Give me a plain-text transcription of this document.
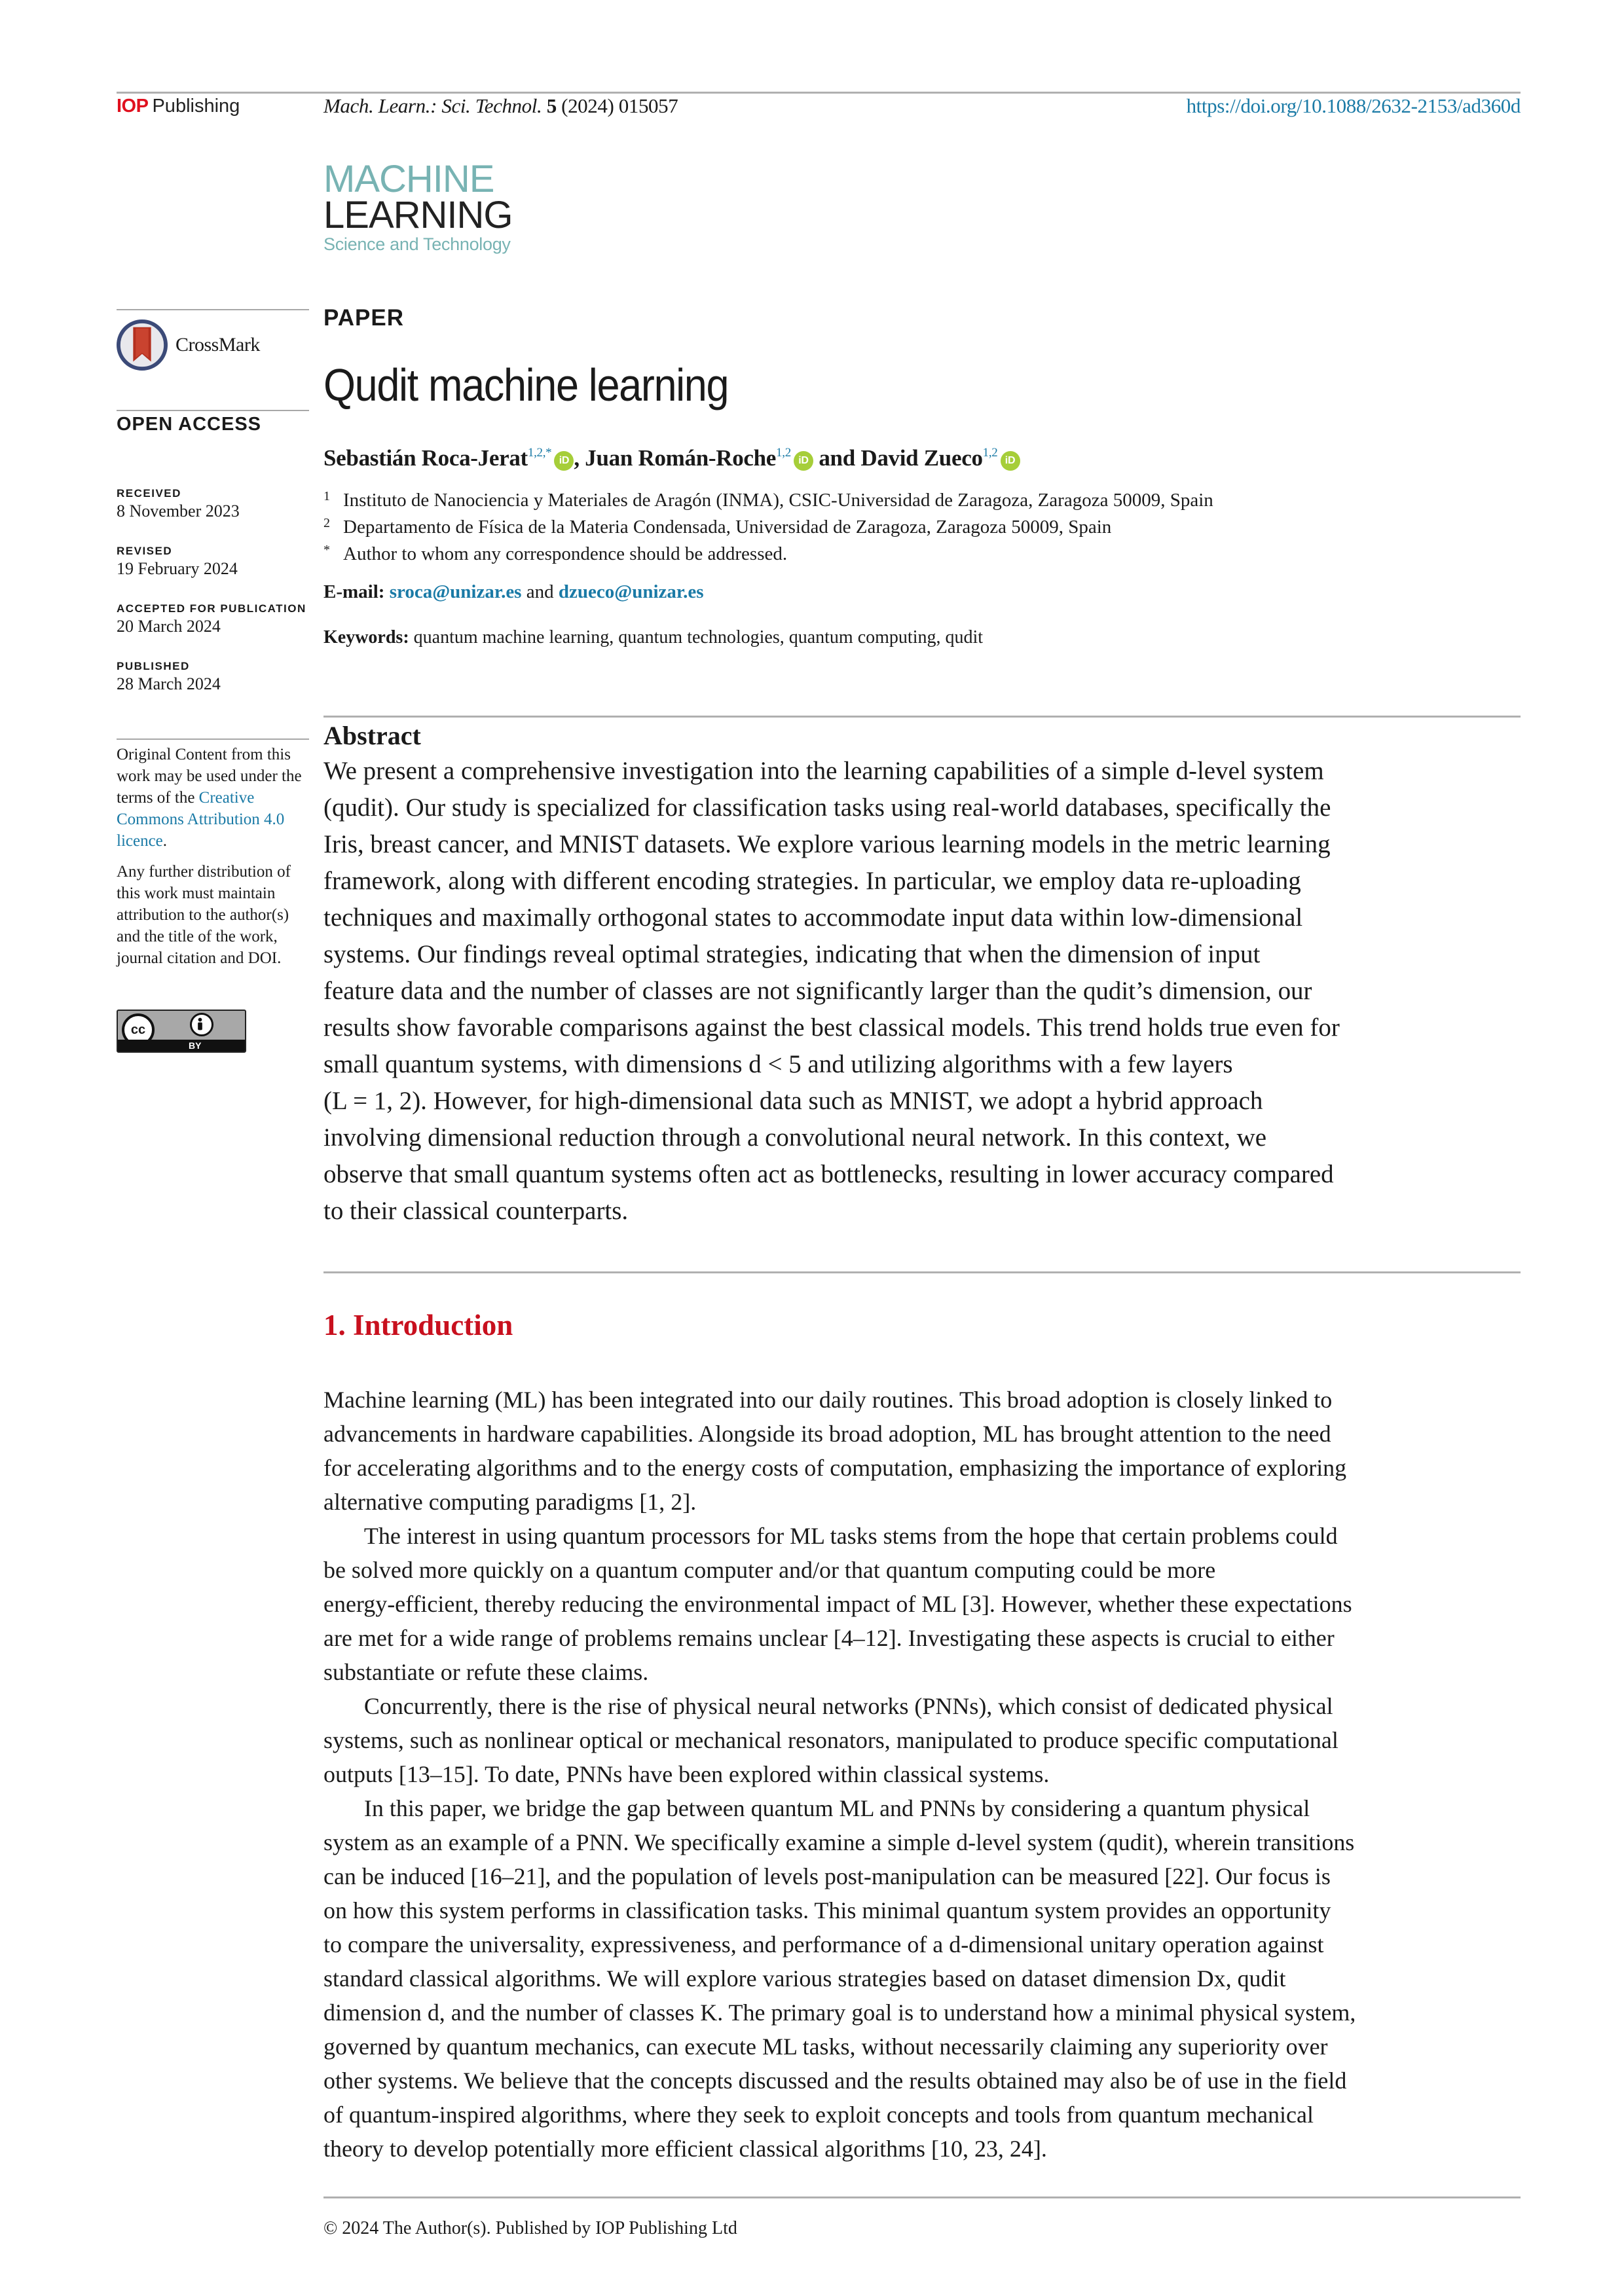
IOP Publishing	Mach. Learn.: Sci. Technol. 5 (2024) 015057	https://doi.org/10.1088/2632-2153/ad360d
MACHINE
LEARNING
Science and Technology
CrossMark
OPEN ACCESS
RECEIVED
8 November 2023
REVISED
19 February 2024
ACCEPTED FOR PUBLICATION
20 March 2024
PUBLISHED
28 March 2024

Original Content from this work may be used under the terms of the Creative Commons Attribution 4.0 licence.

Any further distribution of this work must maintain attribution to the author(s) and the title of the work, journal citation and DOI.

cc
BY
PAPER
Qudit machine learning
Sebastián Roca-Jerat$^{1,2,*}$iD , Juan Román-Roche$^{1,2}$iD and David Zueco$^{1,2}$iD
1 Instituto de Nanociencia y Materiales de Aragón (INMA), CSIC-Universidad de Zaragoza, Zaragoza 50009, Spain
2 Departamento de Física de la Materia Condensada, Universidad de Zaragoza, Zaragoza 50009, Spain
* Author to whom any correspondence should be addressed.
E-mail: sroca@unizar.es and dzueco@unizar.es
Keywords: quantum machine learning, quantum technologies, quantum computing, qudit
Abstract
We present a comprehensive investigation into the learning capabilities of a simple d-level system
(qudit). Our study is specialized for classification tasks using real-world databases, specifically the
Iris, breast cancer, and MNIST datasets. We explore various learning models in the metric learning
framework, along with different encoding strategies. In particular, we employ data re-uploading
techniques and maximally orthogonal states to accommodate input data within low-dimensional
systems. Our findings reveal optimal strategies, indicating that when the dimension of input
feature data and the number of classes are not significantly larger than the qudit’s dimension, our
results show favorable comparisons against the best classical models. This trend holds true even for
small quantum systems, with dimensions d < 5 and utilizing algorithms with a few layers
(L = 1, 2). However, for high-dimensional data such as MNIST, we adopt a hybrid approach
involving dimensional reduction through a convolutional neural network. In this context, we
observe that small quantum systems often act as bottlenecks, resulting in lower accuracy compared
to their classical counterparts.
1. Introduction
Machine learning (ML) has been integrated into our daily routines. This broad adoption is closely linked to
advancements in hardware capabilities. Alongside its broad adoption, ML has brought attention to the need
for accelerating algorithms and to the energy costs of computation, emphasizing the importance of exploring
alternative computing paradigms [1, 2].
The interest in using quantum processors for ML tasks stems from the hope that certain problems could
be solved more quickly on a quantum computer and/or that quantum computing could be more
energy-efficient, thereby reducing the environmental impact of ML [3]. However, whether these expectations
are met for a wide range of problems remains unclear [4–12]. Investigating these aspects is crucial to either
substantiate or refute these claims.
Concurrently, there is the rise of physical neural networks (PNNs), which consist of dedicated physical
systems, such as nonlinear optical or mechanical resonators, manipulated to produce specific computational
outputs [13–15]. To date, PNNs have been explored within classical systems.
In this paper, we bridge the gap between quantum ML and PNNs by considering a quantum physical
system as an example of a PNN. We specifically examine a simple d-level system (qudit), wherein transitions
can be induced [16–21], and the population of levels post-manipulation can be measured [22]. Our focus is
on how this system performs in classification tasks. This minimal quantum system provides an opportunity
to compare the universality, expressiveness, and performance of a d-dimensional unitary operation against
standard classical algorithms. We will explore various strategies based on dataset dimension Dx, qudit
dimension d, and the number of classes K. The primary goal is to understand how a minimal physical system,
governed by quantum mechanics, can execute ML tasks, without necessarily claiming any superiority over
other systems. We believe that the concepts discussed and the results obtained may also be of use in the field
of quantum-inspired algorithms, where they seek to exploit concepts and tools from quantum mechanical
theory to develop potentially more efficient classical algorithms [10, 23, 24].
© 2024 The Author(s). Published by IOP Publishing Ltd
